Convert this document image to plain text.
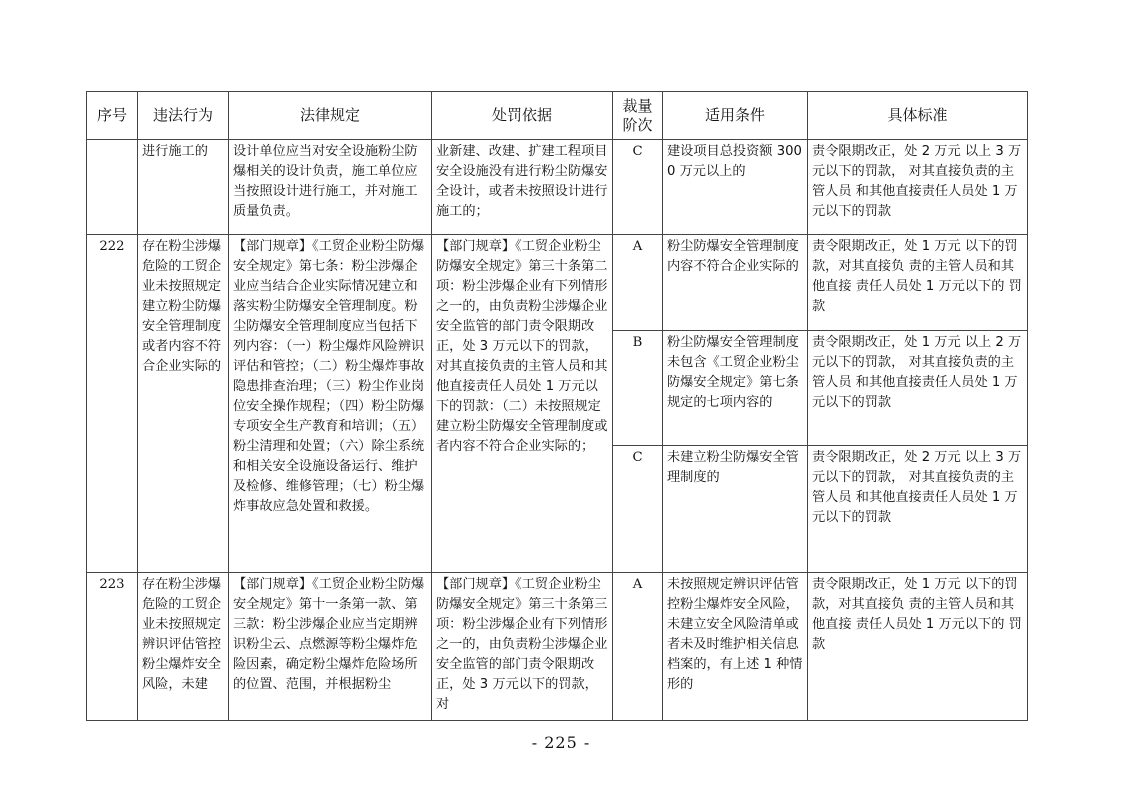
序号	违法行为	法律规定	处罚依据	裁量阶次	适用条件	具体标准
	进行施工的	设计单位应当对安全设施粉尘防爆相关的设计负责，施工单位应当按照设计进行施工，并对施工质量负责。	业新建、改建、扩建工程项目安全设施没有进行粉尘防爆安全设计，或者未按照设计进行施工的；	C	建设项目总投资额 3000 万元以上的	责令限期改正，处 2 万元 以上 3 万元以下的罚款， 对其直接负责的主管人员 和其他直接责任人员处 1 万元以下的罚款
222	存在粉尘涉爆危险的工贸企业未按照规定建立粉尘防爆安全管理制度或者内容不符合企业实际的	【部门规章】《工贸企业粉尘防爆安全规定》第七条：粉尘涉爆企业应当结合企业实际情况建立和落实粉尘防爆安全管理制度。粉尘防爆安全管理制度应当包括下列内容：（一）粉尘爆炸风险辨识评估和管控；（二）粉尘爆炸事故隐患排查治理；（三）粉尘作业岗位安全操作规程；（四）粉尘防爆专项安全生产教育和培训；（五）粉尘清理和处置；（六）除尘系统和相关安全设施设备运行、维护及检修、维修管理；（七）粉尘爆炸事故应急处置和救援。	【部门规章】《工贸企业粉尘防爆安全规定》第三十条第二项：粉尘涉爆企业有下列情形之一的，由负责粉尘涉爆企业安全监管的部门责令限期改正，处 3 万元以下的罚款，对其直接负责的主管人员和其他直接责任人员处 1 万元以下的罚款：（二）未按照规定建立粉尘防爆安全管理制度或者内容不符合企业实际的；	A	粉尘防爆安全管理制度内容不符合企业实际的	责令限期改正，处 1 万元 以下的罚款，对其直接负 责的主管人员和其他直接 责任人员处 1 万元以下的 罚款
				B	粉尘防爆安全管理制度未包含《工贸企业粉尘防爆安全规定》第七条规定的七项内容的	责令限期改正，处 1 万元 以上 2 万元以下的罚款， 对其直接负责的主管人员 和其他直接责任人员处 1 万元以下的罚款
				C	未建立粉尘防爆安全管理制度的	责令限期改正，处 2 万元 以上 3 万元以下的罚款， 对其直接负责的主管人员 和其他直接责任人员处 1 万元以下的罚款
223	存在粉尘涉爆危险的工贸企业未按照规定辨识评估管控粉尘爆炸安全风险，未建	【部门规章】《工贸企业粉尘防爆安全规定》第十一条第一款、第三款：粉尘涉爆企业应当定期辨识粉尘云、点燃源等粉尘爆炸危险因素，确定粉尘爆炸危险场所的位置、范围，并根据粉尘	【部门规章】《工贸企业粉尘防爆安全规定》第三十条第三项：粉尘涉爆企业有下列情形之一的，由负责粉尘涉爆企业安全监管的部门责令限期改正，处 3 万元以下的罚款，对	A	未按照规定辨识评估管控粉尘爆炸安全风险，未建立安全风险清单或者未及时维护相关信息档案的，有上述 1 种情形的	责令限期改正，处 1 万元 以下的罚款，对其直接负 责的主管人员和其他直接 责任人员处 1 万元以下的 罚款
- 225 -
